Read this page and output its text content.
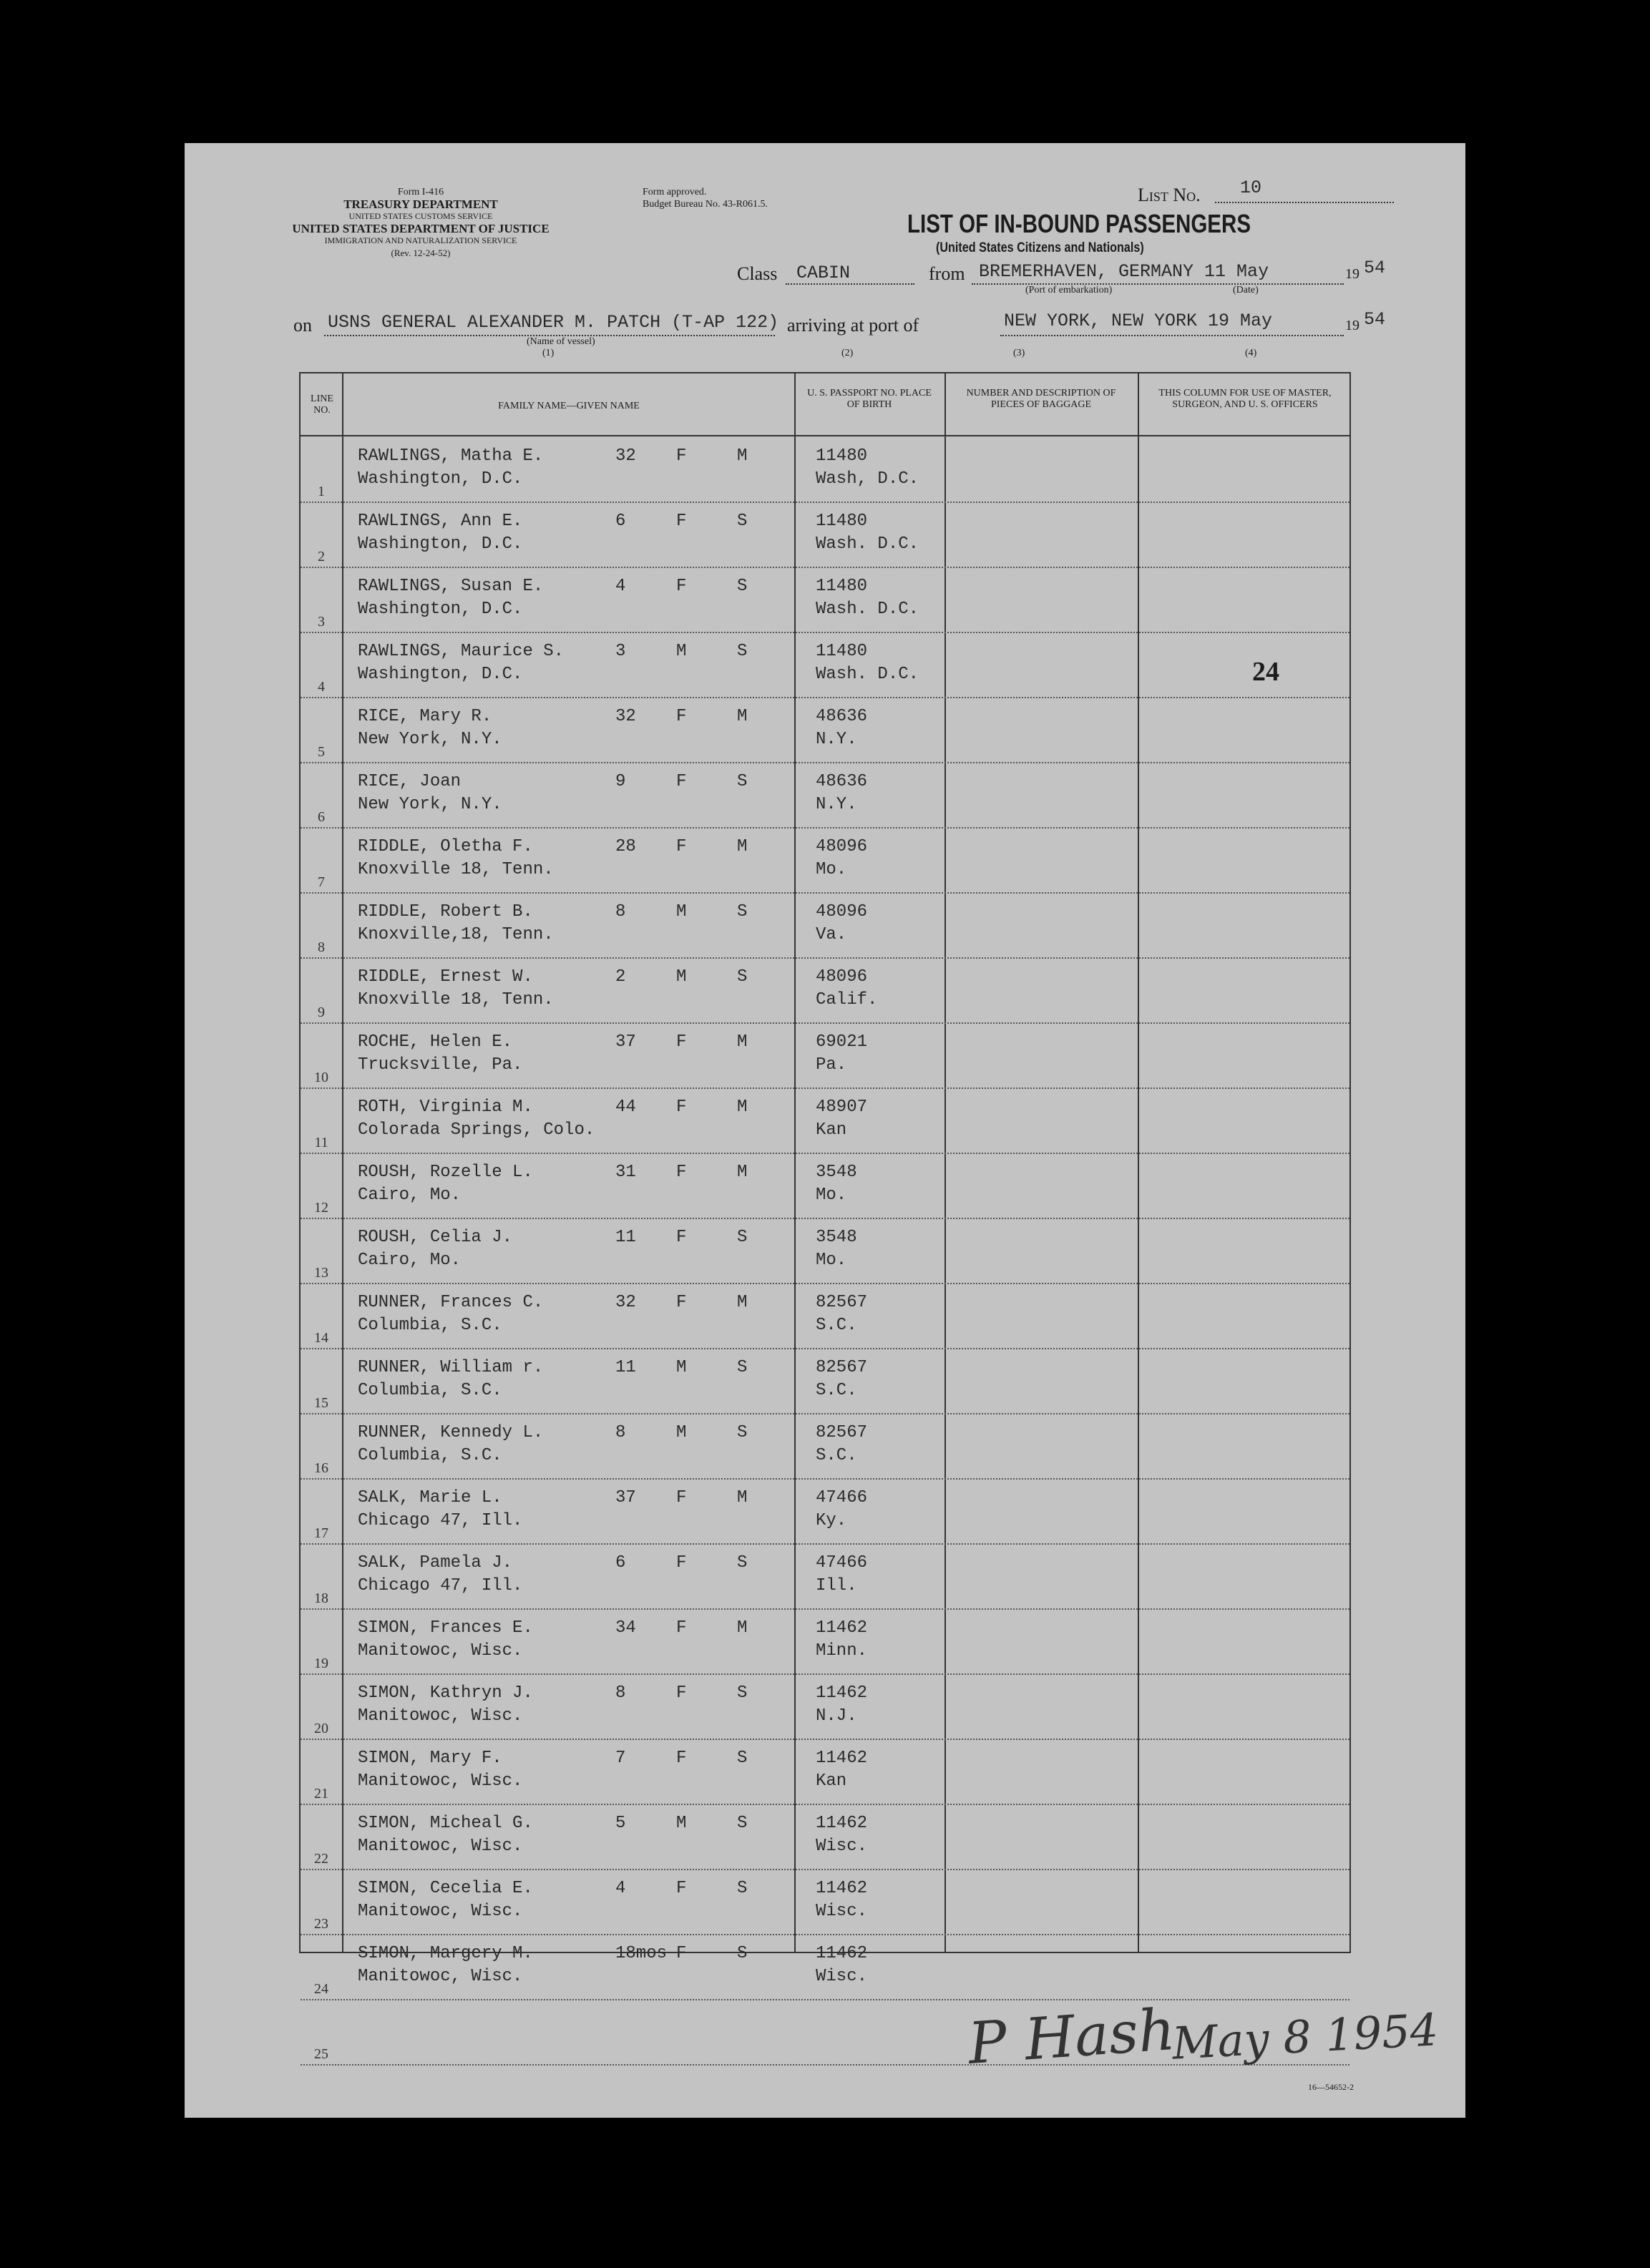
Form I-416
TREASURY DEPARTMENT
UNITED STATES CUSTOMS SERVICE
UNITED STATES DEPARTMENT OF JUSTICE
IMMIGRATION AND NATURALIZATION SERVICE
(Rev. 12-24-52)
Form approved.
Budget Bureau No. 43-R061.5.	List No. 10
LIST OF IN-BOUND PASSENGERS
(United States Citizens and Nationals)
Class CABIN	from BREMERHAVEN, GERMANY 11 May	19 54
(Port of embarkation)	(Date)
on USNS GENERAL ALEXANDER M. PATCH (T-AP 122) arriving at port of	NEW YORK, NEW YORK 19 May	19 54
(Name of vessel)
(1)	(2)	(3)	(4)
LINE NO.	FAMILY NAME—GIVEN NAME
U. S. PASSPORT NO. PLACE OF BIRTH
NUMBER AND DESCRIPTION OF PIECES OF BAGGAGE
THIS COLUMN FOR USE OF MASTER, SURGEON, AND U. S. OFFICERS
1
RAWLINGS, Matha E.
Washington, D.C.
32 F	M	11480
Wash, D.C.
2
RAWLINGS, Ann E.
Washington, D.C.
6	F	S	11480
Wash. D.C.
3
RAWLINGS, Susan E.
Washington, D.C.
4	F	S	11480
Wash. D.C.
4
RAWLINGS, Maurice S.
Washington, D.C.
3	M	S	11480
Wash. D.C.
5
RICE, Mary R.
New York, N.Y.
32 F	M	48636
N.Y.
6
RICE, Joan
New York, N.Y.
9	F	S	48636
N.Y.
7
RIDDLE, Oletha F.
Knoxville 18, Tenn.
28 F	M	48096
Mo.
8
RIDDLE, Robert B.
Knoxville,18, Tenn.
8	M	S	48096
Va.
9
RIDDLE, Ernest W.
Knoxville 18, Tenn.
2	M	S	48096
Calif.
10
ROCHE, Helen E.
Trucksville, Pa.
37 F	M	69021
Pa.
11
ROTH, Virginia M.
Colorada Springs, Colo.
44 F	M	48907
Kan
12
ROUSH, Rozelle L.
Cairo, Mo.
31 F	M	3548
Mo.
13
ROUSH, Celia J.
Cairo, Mo.
11 F	S	3548
Mo.
14
RUNNER, Frances C.
Columbia, S.C.
32 F	M	82567
S.C.
15
RUNNER, William r.
Columbia, S.C.
11 M	S	82567
S.C.
16
RUNNER, Kennedy L.
Columbia, S.C.
8	M	S	82567
S.C.
17
SALK, Marie L.
Chicago 47, Ill.
37 F	M	47466
Ky.
18
SALK, Pamela J.
Chicago 47, Ill.
6	F	S	47466
Ill.
19
SIMON, Frances E.
Manitowoc, Wisc.
34 F	M	11462
Minn.
20
SIMON, Kathryn J.
Manitowoc, Wisc.
8	F	S	11462
N.J.
21
SIMON, Mary F.
Manitowoc, Wisc.
7	F	S	11462
Kan
22
SIMON, Micheal G.
Manitowoc, Wisc.
5	M	S	11462
Wisc.
23
SIMON, Cecelia E.
Manitowoc, Wisc.
4	F	S	11462
Wisc.
24
SIMON, Margery M.
Manitowoc, Wisc.
18mos F	S	11462
Wisc.
25
24
P Hash
May 8 1954
16—54652-2
